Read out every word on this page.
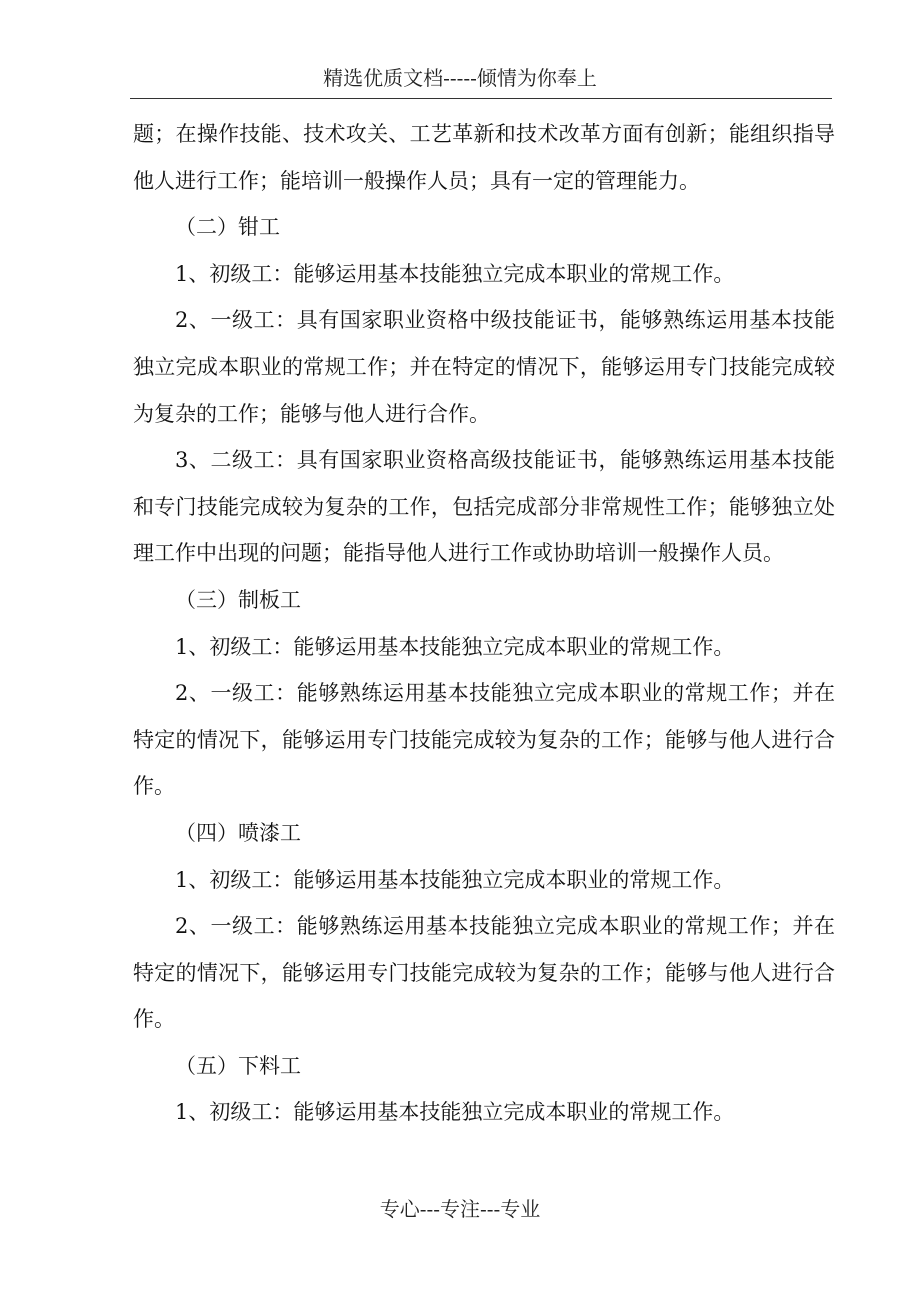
精选优质文档-----倾情为你奉上

题；在操作技能、技术攻关、工艺革新和技术改革方面有创新；能组织指导他人进行工作；能培训一般操作人员；具有一定的管理能力。

（二）钳工

1、初级工：能够运用基本技能独立完成本职业的常规工作。

2、一级工：具有国家职业资格中级技能证书，能够熟练运用基本技能独立完成本职业的常规工作；并在特定的情况下，能够运用专门技能完成较为复杂的工作；能够与他人进行合作。

3、二级工：具有国家职业资格高级技能证书，能够熟练运用基本技能和专门技能完成较为复杂的工作，包括完成部分非常规性工作；能够独立处理工作中出现的问题；能指导他人进行工作或协助培训一般操作人员。

（三）制板工

1、初级工：能够运用基本技能独立完成本职业的常规工作。

2、一级工：能够熟练运用基本技能独立完成本职业的常规工作；并在特定的情况下，能够运用专门技能完成较为复杂的工作；能够与他人进行合作。

（四）喷漆工

1、初级工：能够运用基本技能独立完成本职业的常规工作。

2、一级工：能够熟练运用基本技能独立完成本职业的常规工作；并在特定的情况下，能够运用专门技能完成较为复杂的工作；能够与他人进行合作。

（五）下料工

1、初级工：能够运用基本技能独立完成本职业的常规工作。

专心---专注---专业
